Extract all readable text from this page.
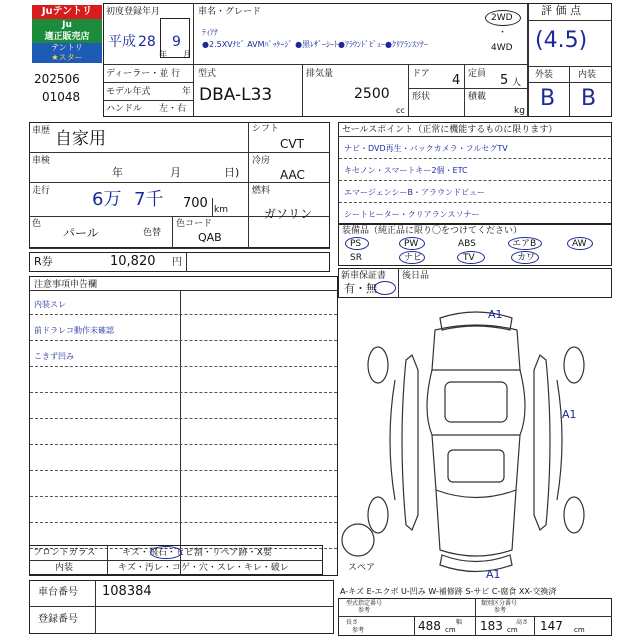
Juテントリ
Ju
適正販売店
テントリ
★スター
202506
01048
初度登録年月
平成 28
年
9
月
車名・グレード
ﾃｨｱﾅ
●2.5XVﾅﾋﾞ AVMﾊﾟｯｹｰｼﾞ ●黒ﾚｻﾞｰｼｰﾄ●ｱﾗｳﾝﾄﾞﾋﾞｭｰ●ｸﾘｱﾗﾝｽｿﾅｰ
2WD
・
4WD
評 価 点
(4.5)
外装	内装
B B
ディーラー・並 行
モデル年式	年
ハンドル 左・右
型式
DBA-L33
排気量
2500
cc
ドア 4
形状
定員 5 人
積載
kg
車歴 自家用
車検
年	月	日)
走行 6万 7千 700 km
色
パール	色替
色コード
QAB
シフト
CVT
冷房
AAC
燃料
ガソリン
R券	10,820 円
注意事項申告欄
内装スレ
前ドラレコ動作未確認
こきず凹み
セールスポイント（正常に機能するものに限ります）
ナビ・DVD再生・バックカメラ・フルセグTV
キセノン・スマートキー2個・ETC
エマージェンシーB・アラウンドビュー
シートヒーター・クリアランスソナー
装備品（純正品に限り〇をつけてください）
PS	PW	ABS	エアB	AW
SR	ナビ	TV	カワ
新車保証書
有・無
後日品
A1
A1
A1
スペア
A-キズ E-エクボ U-凹み W-補修跡 S-サビ C-腐食 XX-交換済
フロントガラス	キズ・飛石・ヒビ割・リペア跡・X要
内装	キズ・汚レ・コゲ・穴・スレ・キレ・破レ
車台番号 108384
登録番号
型式指定番号
参考
類別区分番号
参考
長さ
参考	488 cm
幅 183 cm
高さ 147 cm
